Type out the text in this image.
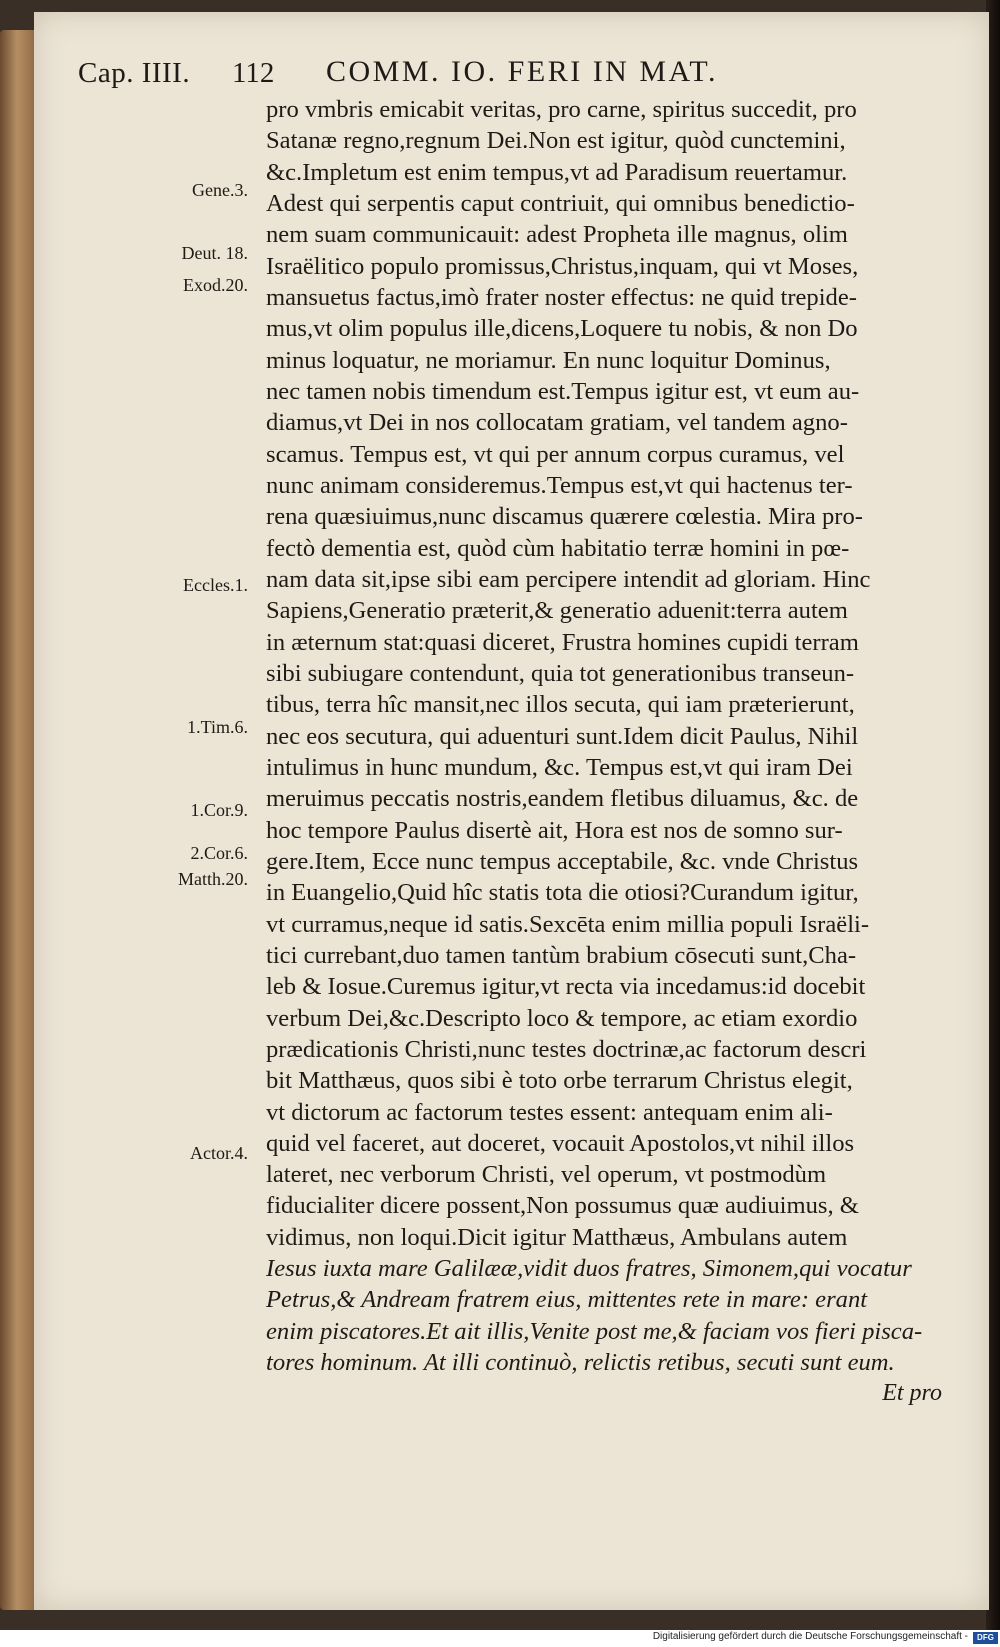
Cap. IIII. 112 COMM. IO. FERI IN MAT.
Gene.3.
Deut. 18.
Exod.20.
Eccles.1.
1.Tim.6.
1.Cor.9.
2.Cor.6.
Matth.20.
Actor.4.
pro vmbris emicabit veritas, pro carne, spiritus succedit, pro
Satanæ regno,regnum Dei.Non est igitur, quòd cunctemini,
&c.Impletum est enim tempus,vt ad Paradisum reuertamur.
Adest qui serpentis caput contriuit, qui omnibus benedictio-
nem suam communicauit: adest Propheta ille magnus, olim
Israëlitico populo promissus,Christus,inquam, qui vt Moses,
mansuetus factus,imò frater noster effectus: ne quid trepide-
mus,vt olim populus ille,dicens,Loquere tu nobis, & non Do
minus loquatur, ne moriamur. En nunc loquitur Dominus,
nec tamen nobis timendum est.Tempus igitur est, vt eum au-
diamus,vt Dei in nos collocatam gratiam, vel tandem agno-
scamus. Tempus est, vt qui per annum corpus curamus, vel
nunc animam consideremus.Tempus est,vt qui hactenus ter-
rena quæsiuimus,nunc discamus quærere cœlestia. Mira pro-
fectò dementia est, quòd cùm habitatio terræ homini in pœ-
nam data sit,ipse sibi eam percipere intendit ad gloriam. Hinc
Sapiens,Generatio præterit,& generatio aduenit:terra autem
in æternum stat:quasi diceret, Frustra homines cupidi terram
sibi subiugare contendunt, quia tot generationibus transeun-
tibus, terra hîc mansit,nec illos secuta, qui iam præterierunt,
nec eos secutura, qui aduenturi sunt.Idem dicit Paulus, Nihil
intulimus in hunc mundum, &c. Tempus est,vt qui iram Dei
meruimus peccatis nostris,eandem fletibus diluamus, &c. de
hoc tempore Paulus disertè ait, Hora est nos de somno sur-
gere.Item, Ecce nunc tempus acceptabile, &c. vnde Christus
in Euangelio,Quid hîc statis tota die otiosi?Curandum igitur,
vt curramus,neque id satis.Sexcēta enim millia populi Israëli-
tici currebant,duo tamen tantùm brabium cōsecuti sunt,Cha-
leb & Iosue.Curemus igitur,vt recta via incedamus:id docebit
verbum Dei,&c.Descripto loco & tempore, ac etiam exordio
prædicationis Christi,nunc testes doctrinæ,ac factorum descri
bit Matthæus, quos sibi è toto orbe terrarum Christus elegit,
vt dictorum ac factorum testes essent: antequam enim ali-
quid vel faceret, aut doceret, vocauit Apostolos,vt nihil illos
lateret, nec verborum Christi, vel operum, vt postmodùm
fiducialiter dicere possent,Non possumus quæ audiuimus, &
vidimus, non loqui.Dicit igitur Matthæus, Ambulans autem
Iesus iuxta mare Galilææ,vidit duos fratres, Simonem,qui vocatur
Petrus,& Andream fratrem eius, mittentes rete in mare: erant
enim piscatores.Et ait illis,Venite post me,& faciam vos fieri pisca-
tores hominum. At illi continuò, relictis retibus, secuti sunt eum.
Et pro
Digitalisierung gefördert durch die Deutsche Forschungsgemeinschaft -	DFG
